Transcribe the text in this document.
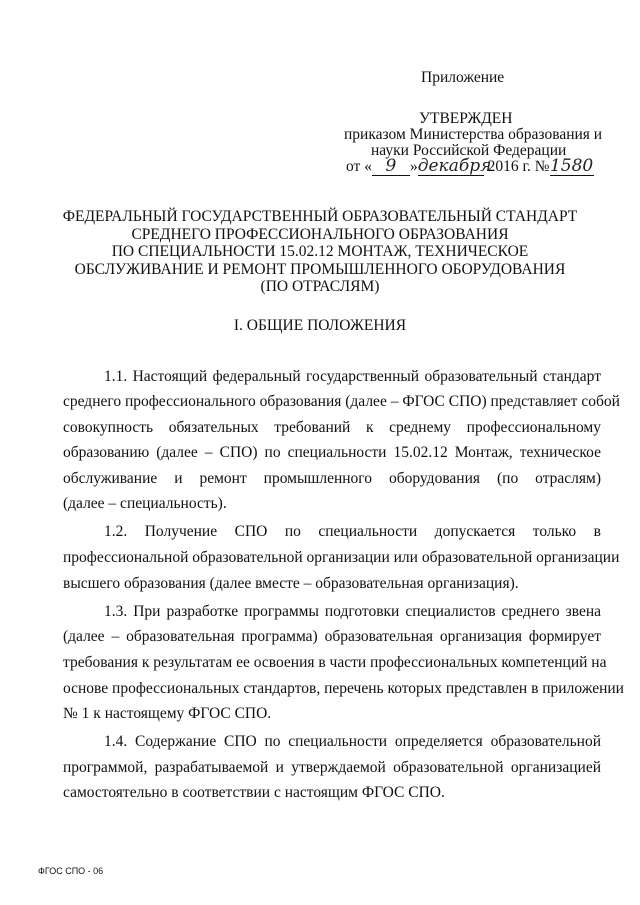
Приложение
УТВЕРЖДЕН
приказом Министерства образования и
науки Российской Федерации
от « 9 »декабря 2016 г. №1580
ФЕДЕРАЛЬНЫЙ ГОСУДАРСТВЕННЫЙ ОБРАЗОВАТЕЛЬНЫЙ СТАНДАРТ
СРЕДНЕГО ПРОФЕССИОНАЛЬНОГО ОБРАЗОВАНИЯ
ПО СПЕЦИАЛЬНОСТИ 15.02.12 МОНТАЖ, ТЕХНИЧЕСКОЕ
ОБСЛУЖИВАНИЕ И РЕМОНТ ПРОМЫШЛЕННОГО ОБОРУДОВАНИЯ
(ПО ОТРАСЛЯМ)
I. ОБЩИЕ ПОЛОЖЕНИЯ
1.1. Настоящий федеральный государственный образовательный стандарт
среднего профессионального образования (далее – ФГОС СПО) представляет собой
совокупность обязательных требований к среднему профессиональному
образованию (далее – СПО) по специальности 15.02.12 Монтаж, техническое
обслуживание и ремонт промышленного оборудования (по отраслям)
(далее – специальность).
1.2. Получение СПО по специальности допускается только в
профессиональной образовательной организации или образовательной организации
высшего образования (далее вместе – образовательная организация).
1.3. При разработке программы подготовки специалистов среднего звена
(далее – образовательная программа) образовательная организация формирует
требования к результатам ее освоения в части профессиональных компетенций на
основе профессиональных стандартов, перечень которых представлен в приложении
№ 1 к настоящему ФГОС СПО.
1.4. Содержание СПО по специальности определяется образовательной
программой, разрабатываемой и утверждаемой образовательной организацией
самостоятельно в соответствии с настоящим ФГОС СПО.
ФГОС СПО - 06
